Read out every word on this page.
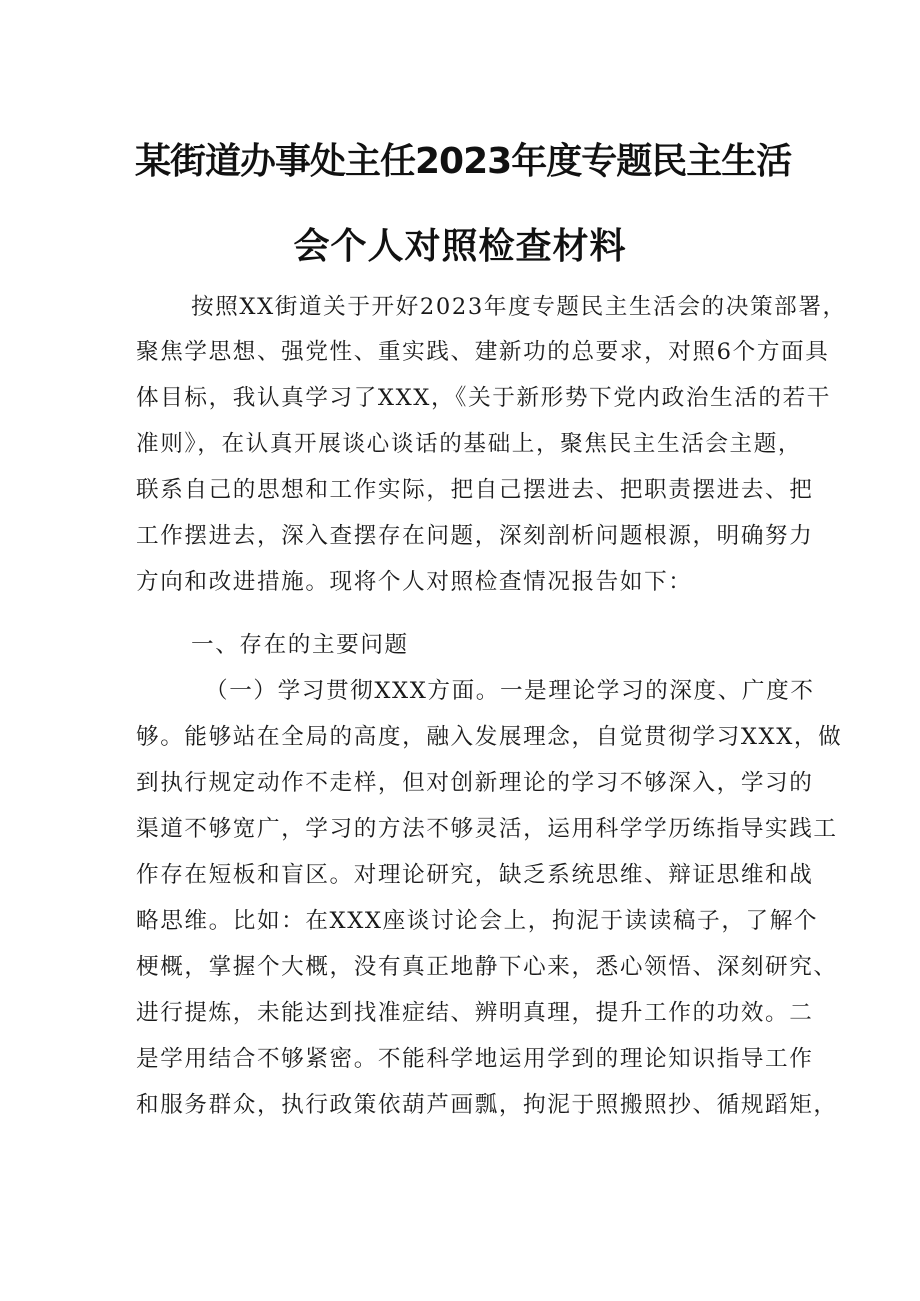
某街道办事处主任2023年度专题民主生活
会个人对照检查材料
按照XX街道关于开好2023年度专题民主生活会的决策部署，
聚焦学思想、强党性、重实践、建新功的总要求，对照6个方面具
体目标，我认真学习了XXX，《关于新形势下党内政治生活的若干
准则》，在认真开展谈心谈话的基础上，聚焦民主生活会主题，
联系自己的思想和工作实际，把自己摆进去、把职责摆进去、把
工作摆进去，深入查摆存在问题，深刻剖析问题根源，明确努力
方向和改进措施。现将个人对照检查情况报告如下：
一、存在的主要问题
（一）学习贯彻XXX方面。一是理论学习的深度、广度不
够。能够站在全局的高度，融入发展理念，自觉贯彻学习XXX，做
到执行规定动作不走样，但对创新理论的学习不够深入，学习的
渠道不够宽广，学习的方法不够灵活，运用科学学历练指导实践工
作存在短板和盲区。对理论研究，缺乏系统思维、辩证思维和战
略思维。比如：在XXX座谈讨论会上，拘泥于读读稿子，了解个
梗概，掌握个大概，没有真正地静下心来，悉心领悟、深刻研究、
进行提炼，未能达到找准症结、辨明真理，提升工作的功效。二
是学用结合不够紧密。不能科学地运用学到的理论知识指导工作
和服务群众，执行政策依葫芦画瓢，拘泥于照搬照抄、循规蹈矩，
